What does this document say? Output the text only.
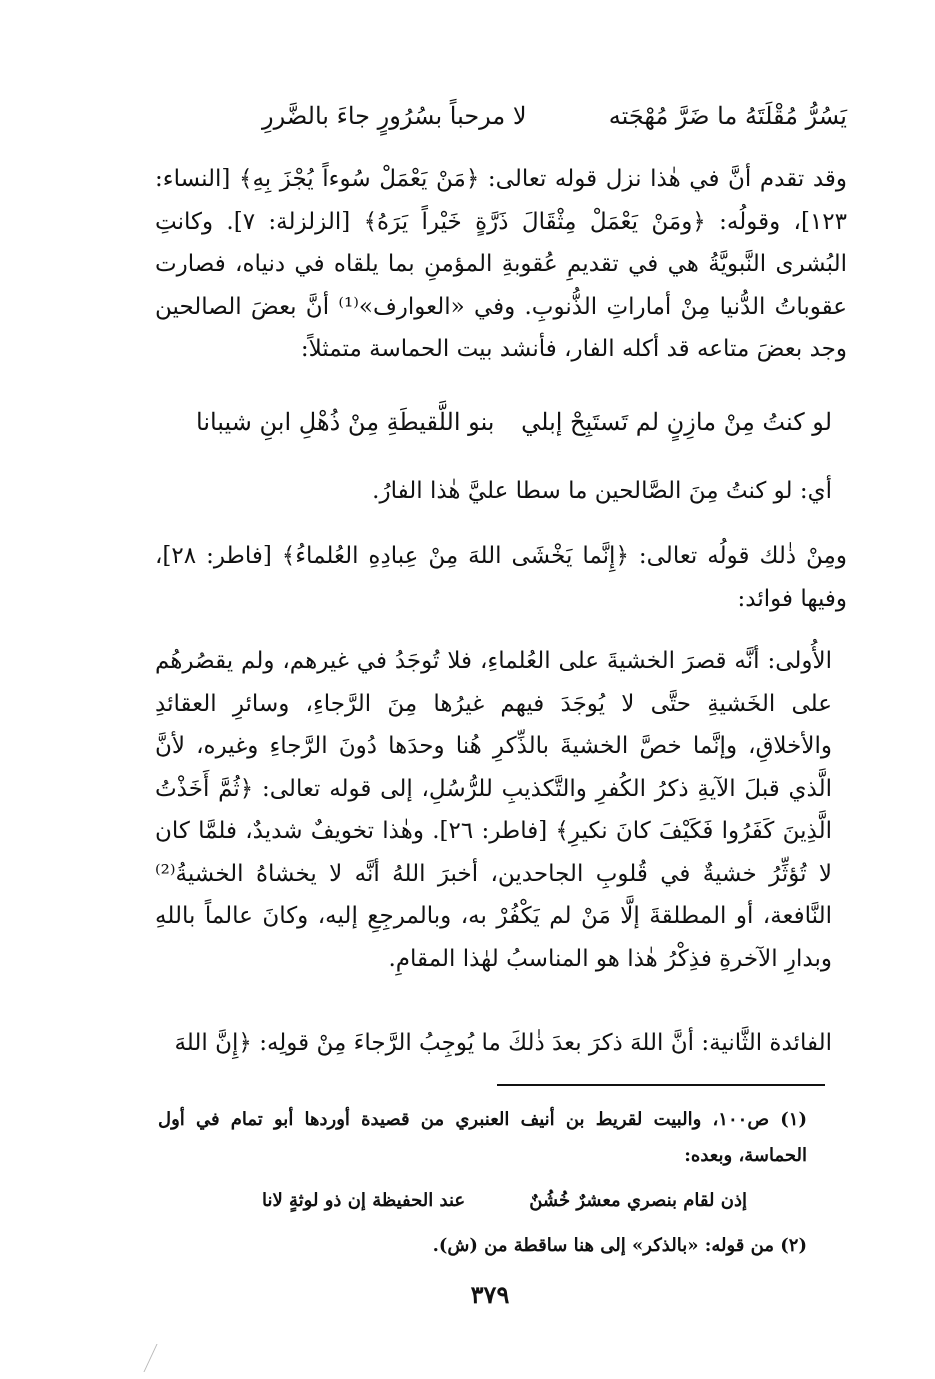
يَسُرُّ مُقْلَتَهُ ما ضَرَّ مُهْجَته
لا مرحباً بسُرُورٍ جاءَ بالضَّررِ
وقد تقدم أنَّ في هٰذا نزل قوله تعالى: ﴿مَنْ يَعْمَلْ سُوءاً يُجْزَ بِهِ﴾ [النساء: ١٢٣]، وقولُه: ﴿ومَنْ يَعْمَلْ مِثْقَالَ ذَرَّةٍ خَيْراً يَرَهُ﴾ [الزلزلة: ٧]. وكانتِ البُشرى النَّبويَّةُ هي في تقديمِ عُقوبةِ المؤمنِ بما يلقاه في دنياه، فصارت عقوباتُ الدُّنيا مِنْ أماراتِ الذُّنوبِ. وفي «العوارف»⁽¹⁾ أنَّ بعضَ الصالحين وجد بعضَ متاعه قد أكله الفار، فأنشد بيت الحماسة متمثلاً:
لو كنتُ مِنْ مازِنٍ لم تَستَبِحْ إبلي
بنو اللَّقيطَةِ مِنْ ذُهْلِ ابنِ شيبانا
أي: لو كنتُ مِنَ الصَّالحين ما سطا عليَّ هٰذا الفارُ.
ومِنْ ذٰلك قولُه تعالى: ﴿إِنَّما يَخْشَى اللهَ مِنْ عِبادِهِ العُلماءُ﴾ [فاطر: ٢٨]، وفيها فوائد:
الأُولى: أنَّه قصرَ الخشيةَ على العُلماءِ، فلا تُوجَدُ في غيرهم، ولم يقصُرهُم على الخَشيةِ حتَّى لا يُوجَدَ فيهم غيرُها مِنَ الرَّجاءِ، وسائرِ العقائدِ والأخلاقِ، وإنَّما خصَّ الخشيةَ بالذِّكرِ هُنا وحدَها دُونَ الرَّجاءِ وغيره، لأنَّ الَّذي قبلَ الآيةِ ذكرُ الكُفرِ والتَّكذيبِ للرُّسُلِ، إلى قوله تعالى: ﴿ثُمَّ أَخَذْتُ الَّذِينَ كَفَرُوا فَكَيْفَ كانَ نكيرِ﴾ [فاطر: ٢٦]. وهٰذا تخويفٌ شديدٌ، فلمَّا كان لا تُؤثِّرُ خشيةٌ في قُلوبِ الجاحدين، أخبرَ اللهُ أنَّه لا يخشاهُ الخشيةُ⁽²⁾ النَّافعة، أو المطلقةَ إلَّا مَنْ لم يَكْفُرْ به، وبالمرجِعِ إليه، وكانَ عالماً باللهِ وبدارِ الآخرةِ فذِكْرُ هٰذا هو المناسبُ لهٰذا المقامِ.
الفائدة الثَّانية: أنَّ اللهَ ذكرَ بعدَ ذٰلكَ ما يُوجِبُ الرَّجاءَ مِنْ قولِه: ﴿إِنَّ اللهَ
(١) ص١٠٠، والبيت لقريط بن أنيف العنبري من قصيدة أوردها أبو تمام في أول الحماسة، وبعده:
إذن لقام بنصري معشرٌ خُشُنٌ
عند الحفيظة إن ذو لوثةٍ لانا
(٢) من قوله: «بالذكر» إلى هنا ساقطة من (ش).
٣٧٩
